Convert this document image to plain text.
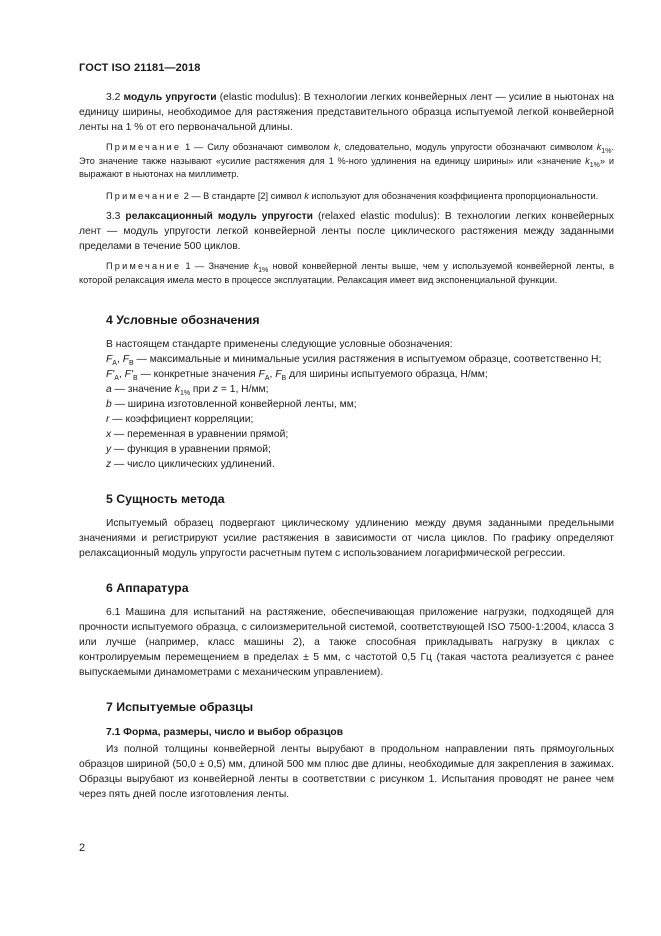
ГОСТ ISO 21181—2018

3.2 модуль упругости (elastic modulus): В технологии легких конвейерных лент — усилие в ньютонах на единицу ширины, необходимое для растяжения представительного образца испытуемой легкой конвейерной ленты на 1 % от его первоначальной длины.

Примечание 1 — Силу обозначают символом k, следовательно, модуль упругости обозначают символом $k_{1\%}$. Это значение также называют «усилие растяжения для 1 %-ного удлинения на единицу ширины» или «значение $k_{1\%}$» и выражают в ньютонах на миллиметр.

Примечание 2 — В стандарте [2] символ k используют для обозначения коэффициента пропорциональности.

3.3 релаксационный модуль упругости (relaxed elastic modulus): В технологии легких конвейерных лент — модуль упругости легкой конвейерной ленты после циклического растяжения между заданными пределами в течение 500 циклов.

Примечание 1 — Значение $k_{1\%}$ новой конвейерной ленты выше, чем у используемой конвейерной ленты, в которой релаксация имела место в процессе эксплуатации. Релаксация имеет вид экспоненциальной функции.

4 Условные обозначения

В настоящем стандарте применены следующие условные обозначения:

$F_A$, $F_B$ — максимальные и минимальные усилия растяжения в испытуемом образце, соответственно Н;

$F'_A$, $F'_B$ — конкретные значения $F_A$, $F_B$ для ширины испытуемого образца, Н/мм;

a — значение $k_{1\%}$ при z = 1, Н/мм;

b — ширина изготовленной конвейерной ленты, мм;

r — коэффициент корреляции;

x — переменная в уравнении прямой;

y — функция в уравнении прямой;

z — число циклических удлинений.

5 Сущность метода

Испытуемый образец подвергают циклическому удлинению между двумя заданными предельными значениями и регистрируют усилие растяжения в зависимости от числа циклов. По графику определяют релаксационный модуль упругости расчетным путем с использованием логарифмической регрессии.

6 Аппаратура

6.1 Машина для испытаний на растяжение, обеспечивающая приложение нагрузки, подходящей для прочности испытуемого образца, с силоизмерительной системой, соответствующей ISO 7500-1:2004, класса 3 или лучше (например, класс машины 2), а также способная прикладывать нагрузку в циклах с контролируемым перемещением в пределах ± 5 мм, с частотой 0,5 Гц (такая частота реализуется с ранее выпускаемыми динамометрами с механическим управлением).

7 Испытуемые образцы
7.1 Форма, размеры, число и выбор образцов

Из полной толщины конвейерной ленты вырубают в продольном направлении пять прямоугольных образцов шириной (50,0 ± 0,5) мм, длиной 500 мм плюс две длины, необходимые для закрепления в зажимах. Образцы вырубают из конвейерной ленты в соответствии с рисунком 1. Испытания проводят не ранее чем через пять дней после изготовления ленты.

2
